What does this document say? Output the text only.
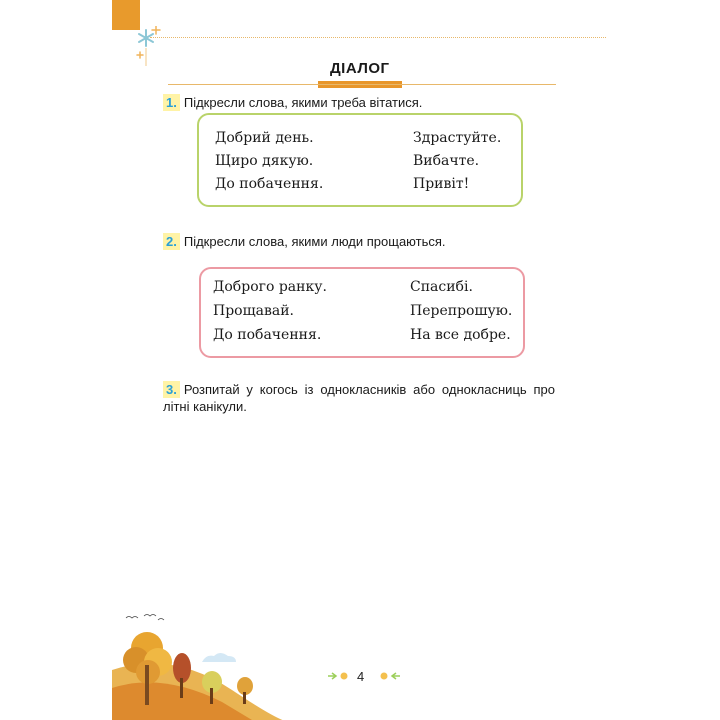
ДІАЛОГ
1. Підкресли слова, якими треба вітатися.
Добрий день.
Щиро дякую.
До побачення.
Здрастуйте.
Вибачте.
Привіт!
2. Підкресли слова, якими люди прощаються.
Доброго ранку.
Прощавай.
До побачення.
Спасибі.
Перепрошую.
На все добре.
3. Розпитай у когось із однокласників або однокласниць про літні канікули.
4
